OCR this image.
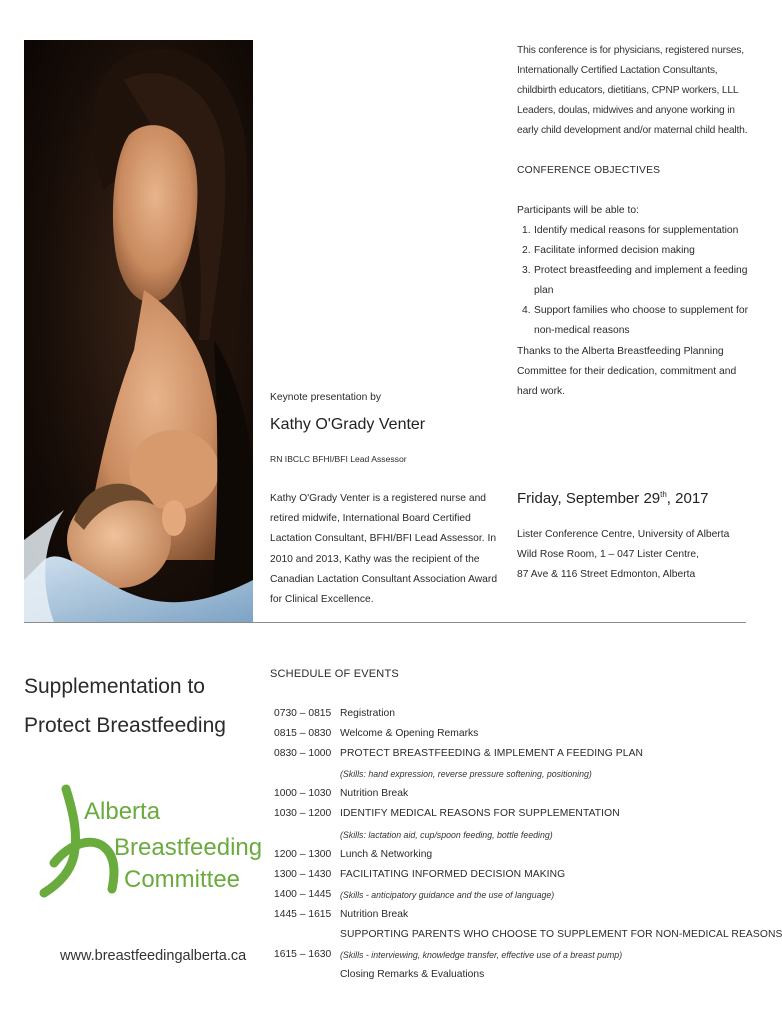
This conference is for physicians, registered nurses, Internationally Certified Lactation Consultants, childbirth educators, dietitians, CPNP workers, LLL Leaders, doulas, midwives and anyone working in early child development and/or maternal child health.
CONFERENCE OBJECTIVES
Participants will be able to:
1. Identify medical reasons for supplementation
2. Facilitate informed decision making
3. Protect breastfeeding and implement a feeding plan
4. Support families who choose to supplement for non-medical reasons
Thanks to the Alberta Breastfeeding Planning Committee for their dedication, commitment and hard work.
Keynote presentation by
Kathy O'Grady Venter
RN IBCLC BFHI/BFI Lead Assessor
Kathy O'Grady Venter is a registered nurse and retired midwife, International Board Certified Lactation Consultant, BFHI/BFI Lead Assessor. In 2010 and 2013, Kathy was the recipient of the Canadian Lactation Consultant Association Award for Clinical Excellence.
Friday, September 29th, 2017
Lister Conference Centre, University of Alberta
Wild Rose Room, 1 – 047 Lister Centre,
87 Ave & 116 Street Edmonton, Alberta
Supplementation to Protect Breastfeeding
Alberta
Breastfeeding
Committee
www.breastfeedingalberta.ca
SCHEDULE OF EVENTS
0730 – 0815 Registration
0815 – 0830 Welcome & Opening Remarks
0830 – 1000 PROTECT BREASTFEEDING & IMPLEMENT A FEEDING PLAN
(Skills: hand expression, reverse pressure softening, positioning)
1000 – 1030 Nutrition Break
1030 – 1200 IDENTIFY MEDICAL REASONS FOR SUPPLEMENTATION
(Skills: lactation aid, cup/spoon feeding, bottle feeding)
1200 – 1300 Lunch & Networking
1300 – 1430 FACILITATING INFORMED DECISION MAKING
1400 – 1445 (Skills - anticipatory guidance and the use of language)
1445 – 1615 Nutrition Break
SUPPORTING PARENTS WHO CHOOSE TO SUPPLEMENT FOR NON-MEDICAL REASONS
1615 – 1630 (Skills - interviewing, knowledge transfer, effective use of a breast pump)
Closing Remarks & Evaluations
